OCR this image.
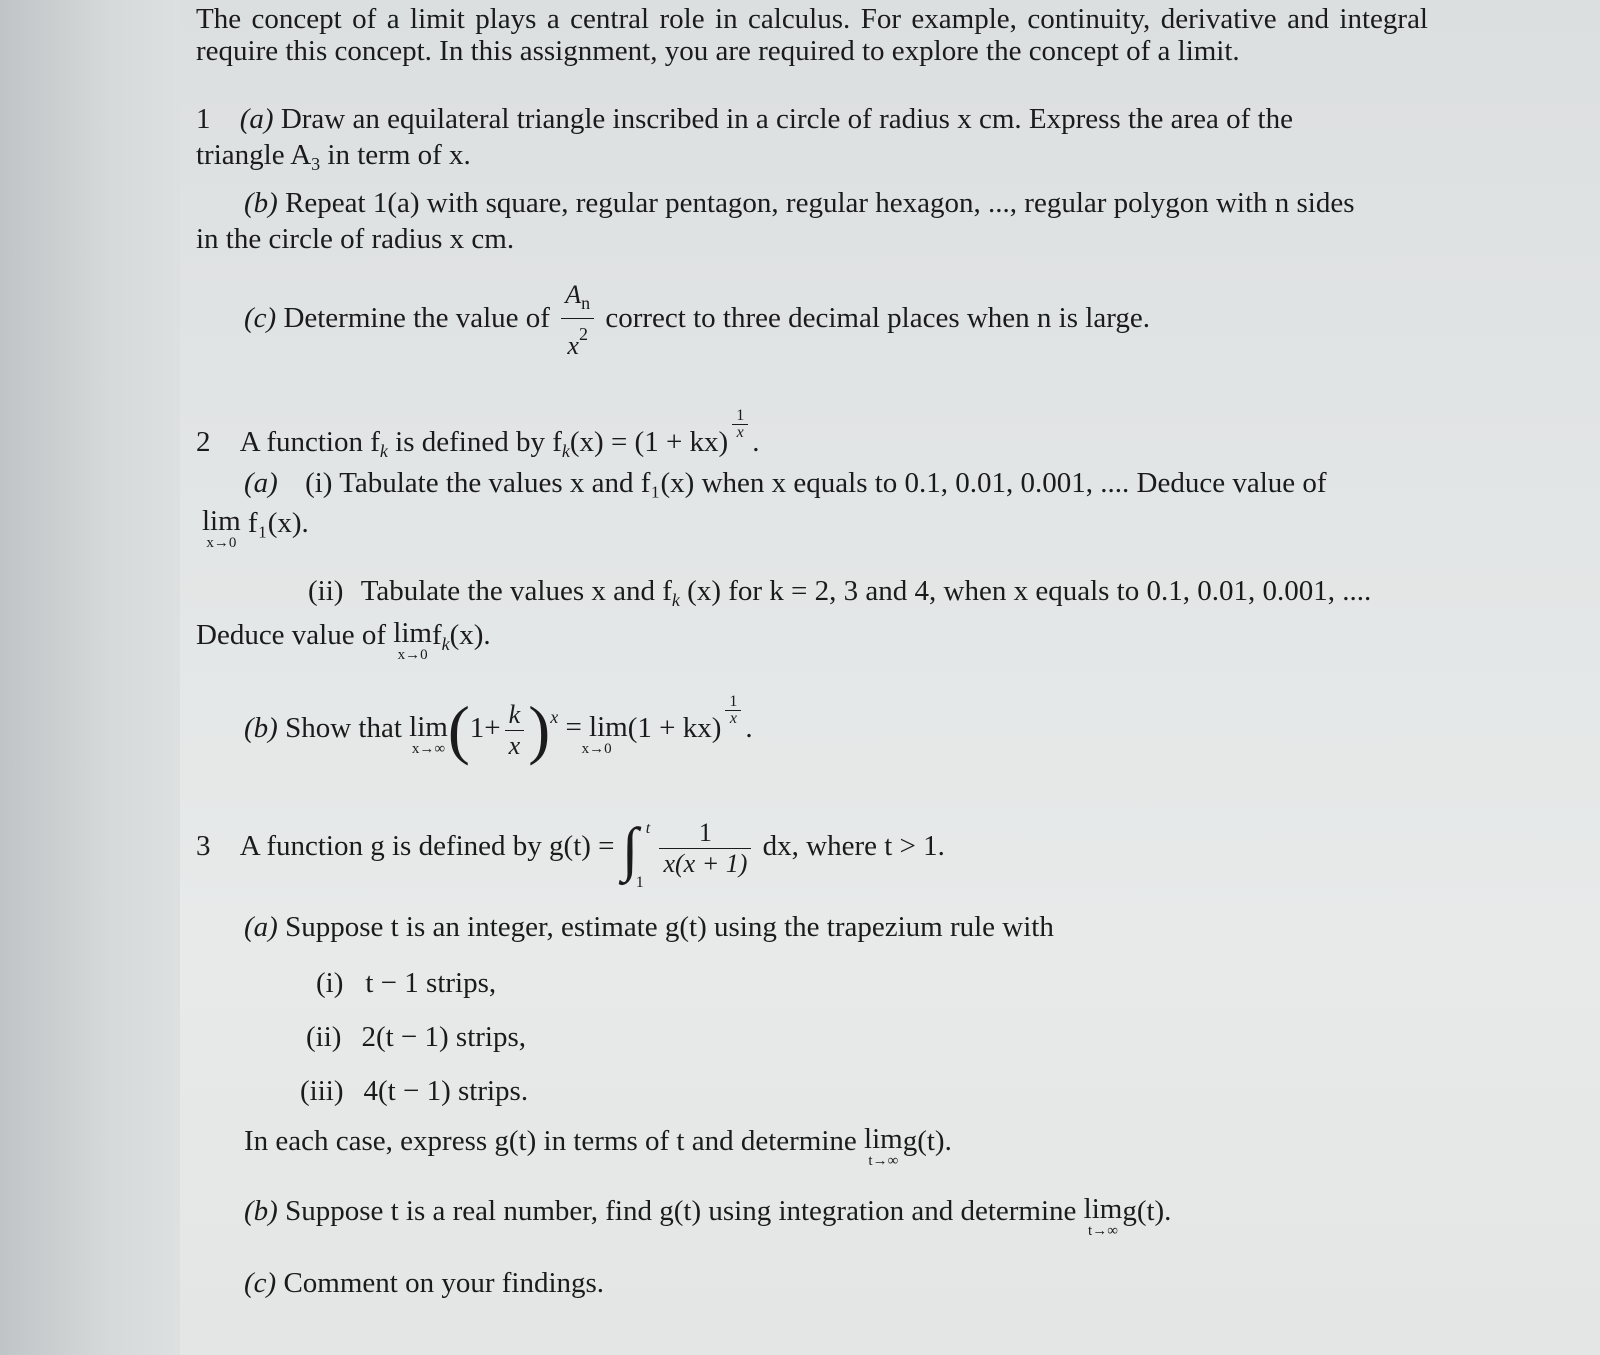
The concept of a limit plays a central role in calculus. For example, continuity, derivative and integral
require this concept. In this assignment, you are required to explore the concept of a limit.
1 (a) Draw an equilateral triangle inscribed in a circle of radius x cm. Express the area of the
triangle $A_3$ in term of x.
(b) Repeat 1(a) with square, regular pentagon, regular hexagon, ..., regular polygon with n sides
in the circle of radius x cm.
(c) Determine the value of $\frac{A_n}{x^2}$ correct to three decimal places when n is large.
2 A function $f_k$ is defined by $f_k(x) = (1 + kx)$
$\frac{1}{x}$
.
(a) (i) Tabulate the values x and f₁(x) when x equals to 0.1, 0.01, 0.001, .... Deduce value of
lim
x→0
f₁(x).
(ii) Tabulate the values x and $f_k$ (x) for k = 2, 3 and 4, when x equals to 0.1, 0.01, 0.001, ....
Deduce value of lim
x→0
$f_k(x)$.
(b) Show that lim
x→∞ $(1+ \frac{k}{x} )^x = \lim$
x→0
(1 + kx)
$\frac{1}{x}$
.
3 A function g is defined by g(t) = ∫ t
1

$\frac{1}{x(x + 1)}$ dx, where t > 1.
(a) Suppose t is an integer, estimate g(t) using the trapezium rule with
(i) t − 1 strips,
(ii) 2(t − 1) strips,
(iii) 4(t − 1) strips.
In each case, express g(t) in terms of t and determine lim
t→∞
g(t).
(b) Suppose t is a real number, find g(t) using integration and determine lim
t→∞
g(t).
(c) Comment on your findings.
